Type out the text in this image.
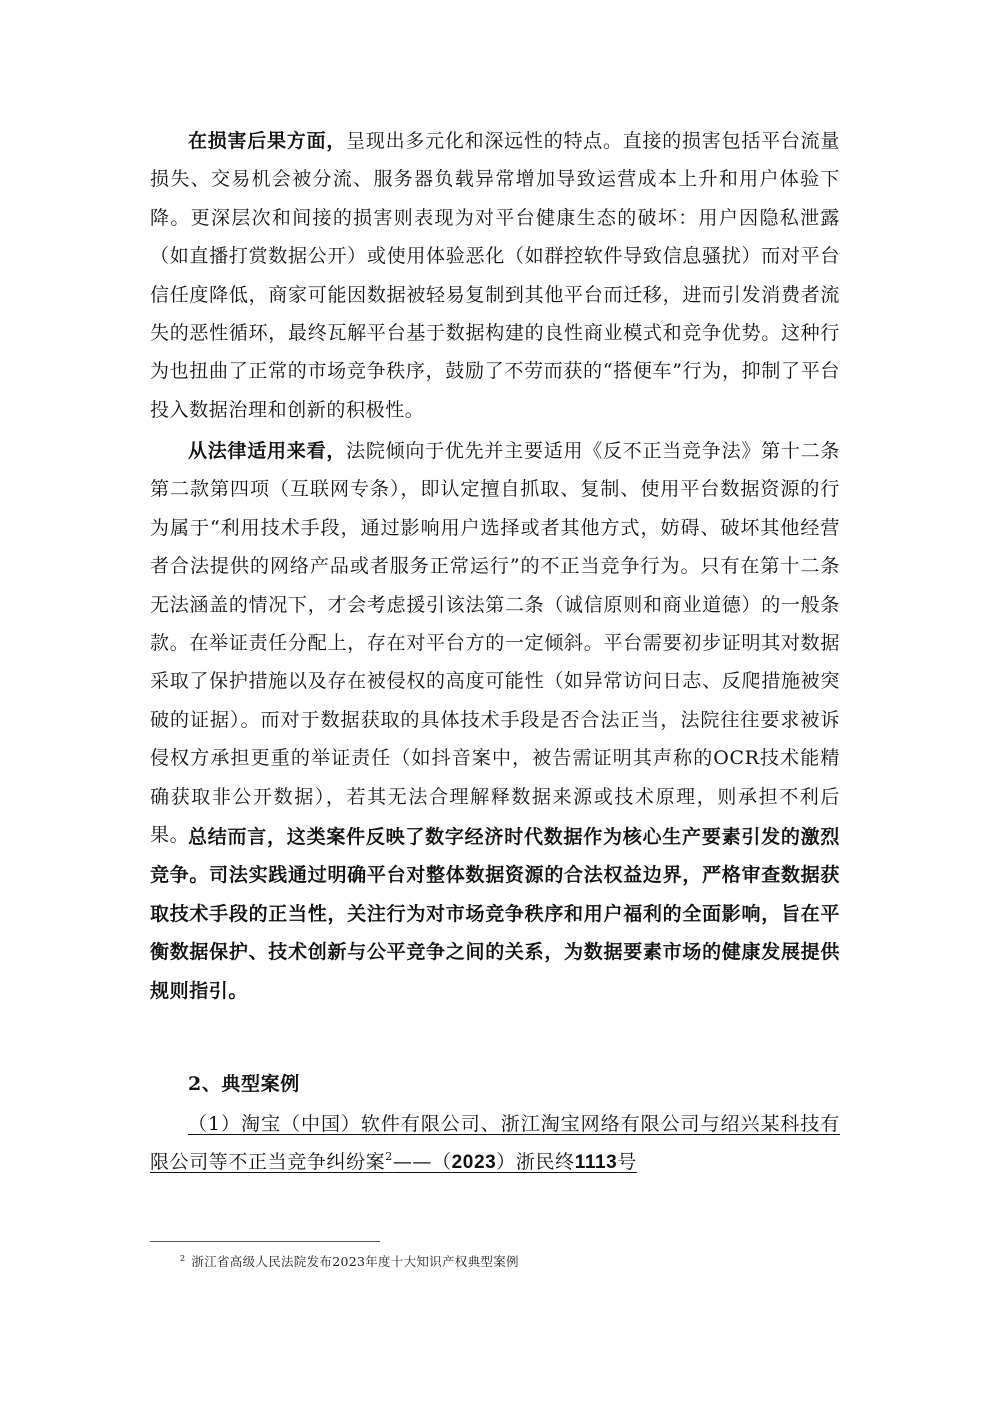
在损害后果方面，呈现出多元化和深远性的特点。直接的损害包括平台流量损失、交易机会被分流、服务器负载异常增加导致运营成本上升和用户体验下降。更深层次和间接的损害则表现为对平台健康生态的破坏：用户因隐私泄露（如直播打赏数据公开）或使用体验恶化（如群控软件导致信息骚扰）而对平台信任度降低，商家可能因数据被轻易复制到其他平台而迁移，进而引发消费者流失的恶性循环，最终瓦解平台基于数据构建的良性商业模式和竞争优势。这种行为也扭曲了正常的市场竞争秩序，鼓励了不劳而获的“搭便车”行为，抑制了平台投入数据治理和创新的积极性。

从法律适用来看，法院倾向于优先并主要适用《反不正当竞争法》第十二条第二款第四项（互联网专条），即认定擅自抓取、复制、使用平台数据资源的行为属于“利用技术手段，通过影响用户选择或者其他方式，妨碍、破坏其他经营者合法提供的网络产品或者服务正常运行”的不正当竞争行为。只有在第十二条无法涵盖的情况下，才会考虑援引该法第二条（诚信原则和商业道德）的一般条款。在举证责任分配上，存在对平台方的一定倾斜。平台需要初步证明其对数据采取了保护措施以及存在被侵权的高度可能性（如异常访问日志、反爬措施被突破的证据）。而对于数据获取的具体技术手段是否合法正当，法院往往要求被诉侵权方承担更重的举证责任（如抖音案中，被告需证明其声称的OCR技术能精确获取非公开数据），若其无法合理解释数据来源或技术原理，则承担不利后果。

总结而言，这类案件反映了数字经济时代数据作为核心生产要素引发的激烈竞争。司法实践通过明确平台对整体数据资源的合法权益边界，严格审查数据获取技术手段的正当性，关注行为对市场竞争秩序和用户福利的全面影响，旨在平衡数据保护、技术创新与公平竞争之间的关系，为数据要素市场的健康发展提供规则指引。

2、典型案例

（1）淘宝（中国）软件有限公司、浙江淘宝网络有限公司与绍兴某科技有限公司等不正当竞争纠纷案$^2$——（2023）浙民终1113号

$^2$ 浙江省高级人民法院发布2023年度十大知识产权典型案例
